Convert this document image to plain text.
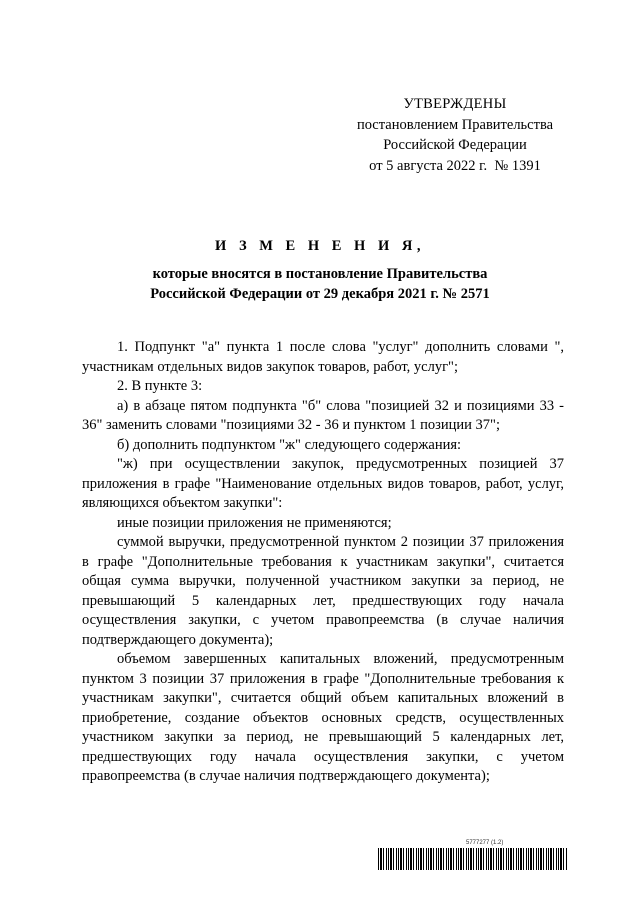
УТВЕРЖДЕНЫ
постановлением Правительства
Российской Федерации
от 5 августа 2022 г.  № 1391
И З М Е Н Е Н И Я,
которые вносятся в постановление Правительства
Российской Федерации от 29 декабря 2021 г. № 2571

1. Подпункт "а" пункта 1 после слова "услуг" дополнить словами ", участникам отдельных видов закупок товаров, работ, услуг";

2. В пункте 3:

а) в абзаце пятом подпункта "б" слова "позицией 32 и позициями 33 - 36" заменить словами "позициями 32 - 36 и пунктом 1 позиции 37";

б) дополнить подпунктом "ж" следующего содержания:

"ж) при осуществлении закупок, предусмотренных позицией 37 приложения в графе "Наименование отдельных видов товаров, работ, услуг, являющихся объектом закупки":

иные позиции приложения не применяются;

суммой выручки, предусмотренной пунктом 2 позиции 37 приложения в графе "Дополнительные требования к участникам закупки", считается общая сумма выручки, полученной участником закупки за период, не превышающий 5 календарных лет, предшествующих году начала осуществления закупки, с учетом правопреемства (в случае наличия подтверждающего документа);

объемом завершенных капитальных вложений, предусмотренным пунктом 3 позиции 37 приложения в графе "Дополнительные требования к участникам закупки", считается общий объем капитальных вложений в приобретение, создание объектов основных средств, осуществленных участником закупки за период, не превышающий 5 календарных лет, предшествующих году начала осуществления закупки, с учетом правопреемства (в случае наличия подтверждающего документа);

5777277 (1.2)
